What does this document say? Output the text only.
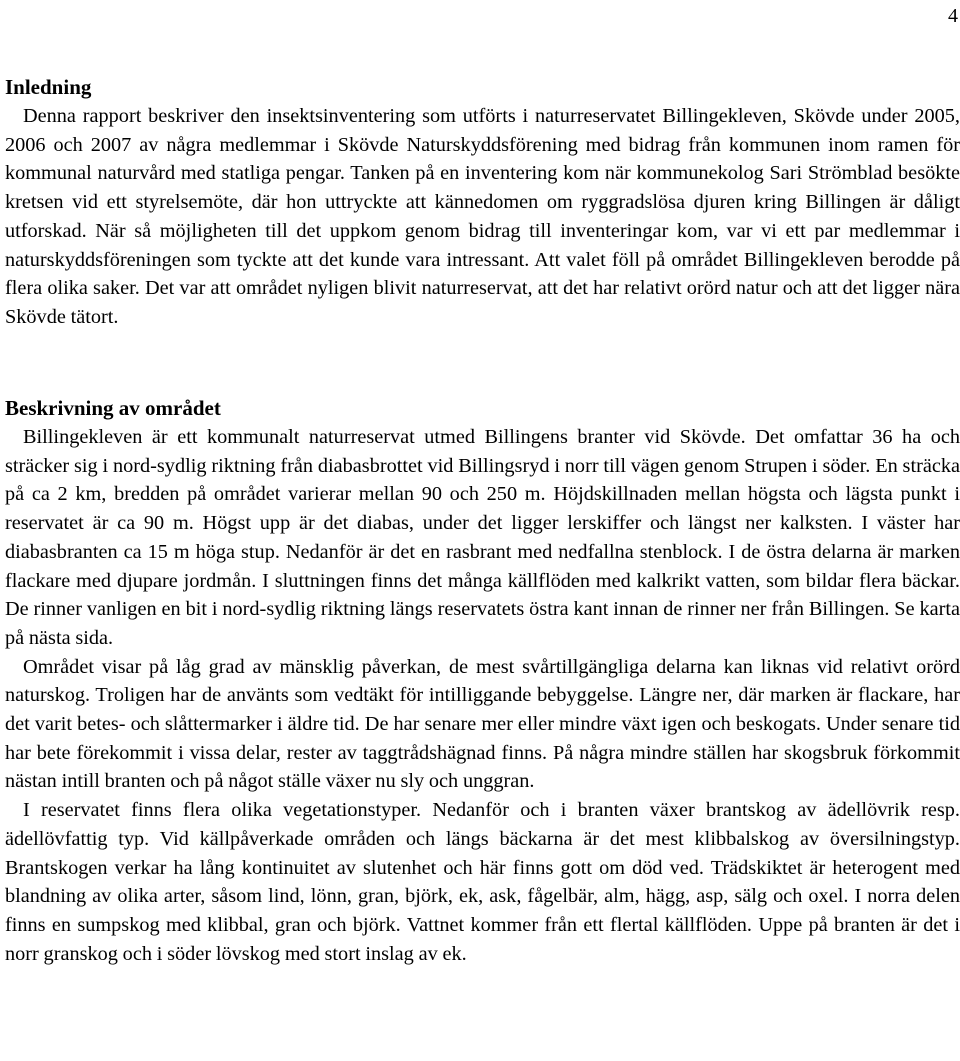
4
Inledning

Denna rapport beskriver den insektsinventering som utförts i naturreservatet Billingekleven, Skövde under 2005, 2006 och 2007 av några medlemmar i Skövde Naturskyddsförening med bidrag från kommunen inom ramen för kommunal naturvård med statliga pengar. Tanken på en inventering kom när kommunekolog Sari Strömblad besökte kretsen vid ett styrelsemöte, där hon uttryckte att kännedomen om ryggradslösa djuren kring Billingen är dåligt utforskad. När så möjligheten till det uppkom genom bidrag till inventeringar kom, var vi ett par medlemmar i naturskyddsföreningen som tyckte att det kunde vara intressant. Att valet föll på området Billingekleven berodde på flera olika saker. Det var att området nyligen blivit naturreservat, att det har relativt orörd natur och att det ligger nära Skövde tätort.

Beskrivning av området

Billingekleven är ett kommunalt naturreservat utmed Billingens branter vid Skövde. Det omfattar 36 ha och sträcker sig i nord-sydlig riktning från diabasbrottet vid Billingsryd i norr till vägen genom Strupen i söder. En sträcka på ca 2 km, bredden på området varierar mellan 90 och 250 m. Höjdskillnaden mellan högsta och lägsta punkt i reservatet är ca 90 m. Högst upp är det diabas, under det ligger lerskiffer och längst ner kalksten. I väster har diabasbranten ca 15 m höga stup. Nedanför är det en rasbrant med nedfallna stenblock. I de östra delarna är marken flackare med djupare jordmån. I sluttningen finns det många källflöden med kalkrikt vatten, som bildar flera bäckar. De rinner vanligen en bit i nord-sydlig riktning längs reservatets östra kant innan de rinner ner från Billingen. Se karta på nästa sida.

Området visar på låg grad av mänsklig påverkan, de mest svårtillgängliga delarna kan liknas vid relativt orörd naturskog. Troligen har de använts som vedtäkt för intilliggande bebyggelse. Längre ner, där marken är flackare, har det varit betes- och slåttermarker i äldre tid. De har senare mer eller mindre växt igen och beskogats. Under senare tid har bete förekommit i vissa delar, rester av taggtrådshägnad finns. På några mindre ställen har skogsbruk förkommit nästan intill branten och på något ställe växer nu sly och unggran.

I reservatet finns flera olika vegetationstyper. Nedanför och i branten växer brantskog av ädellövrik resp. ädellövfattig typ. Vid källpåverkade områden och längs bäckarna är det mest klibbalskog av översilningstyp. Brantskogen verkar ha lång kontinuitet av slutenhet och här finns gott om död ved. Trädskiktet är heterogent med blandning av olika arter, såsom lind, lönn, gran, björk, ek, ask, fågelbär, alm, hägg, asp, sälg och oxel. I norra delen finns en sumpskog med klibbal, gran och björk. Vattnet kommer från ett flertal källflöden. Uppe på branten är det i norr granskog och i söder lövskog med stort inslag av ek.
